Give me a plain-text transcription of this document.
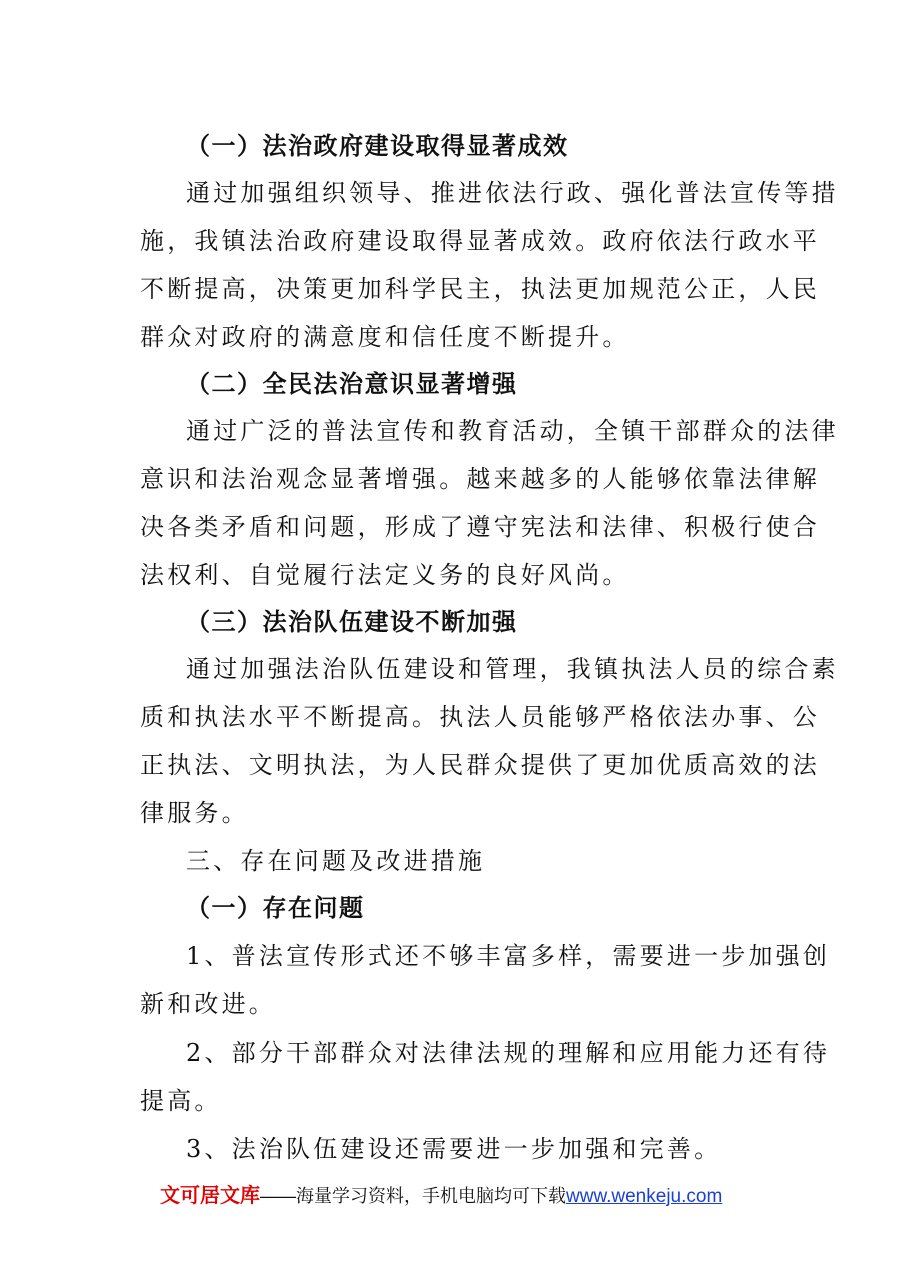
（一）法治政府建设取得显著成效
通过加强组织领导、推进依法行政、强化普法宣传等措
施，我镇法治政府建设取得显著成效。政府依法行政水平
不断提高，决策更加科学民主，执法更加规范公正，人民
群众对政府的满意度和信任度不断提升。
（二）全民法治意识显著增强
通过广泛的普法宣传和教育活动，全镇干部群众的法律
意识和法治观念显著增强。越来越多的人能够依靠法律解
决各类矛盾和问题，形成了遵守宪法和法律、积极行使合
法权利、自觉履行法定义务的良好风尚。
（三）法治队伍建设不断加强
通过加强法治队伍建设和管理，我镇执法人员的综合素
质和执法水平不断提高。执法人员能够严格依法办事、公
正执法、文明执法，为人民群众提供了更加优质高效的法
律服务。
三、存在问题及改进措施
（一）存在问题
1、普法宣传形式还不够丰富多样，需要进一步加强创
新和改进。
2、部分干部群众对法律法规的理解和应用能力还有待
提高。
3、法治队伍建设还需要进一步加强和完善。
文可居文库——海量学习资料，手机电脑均可下载www.wenkeju.com
